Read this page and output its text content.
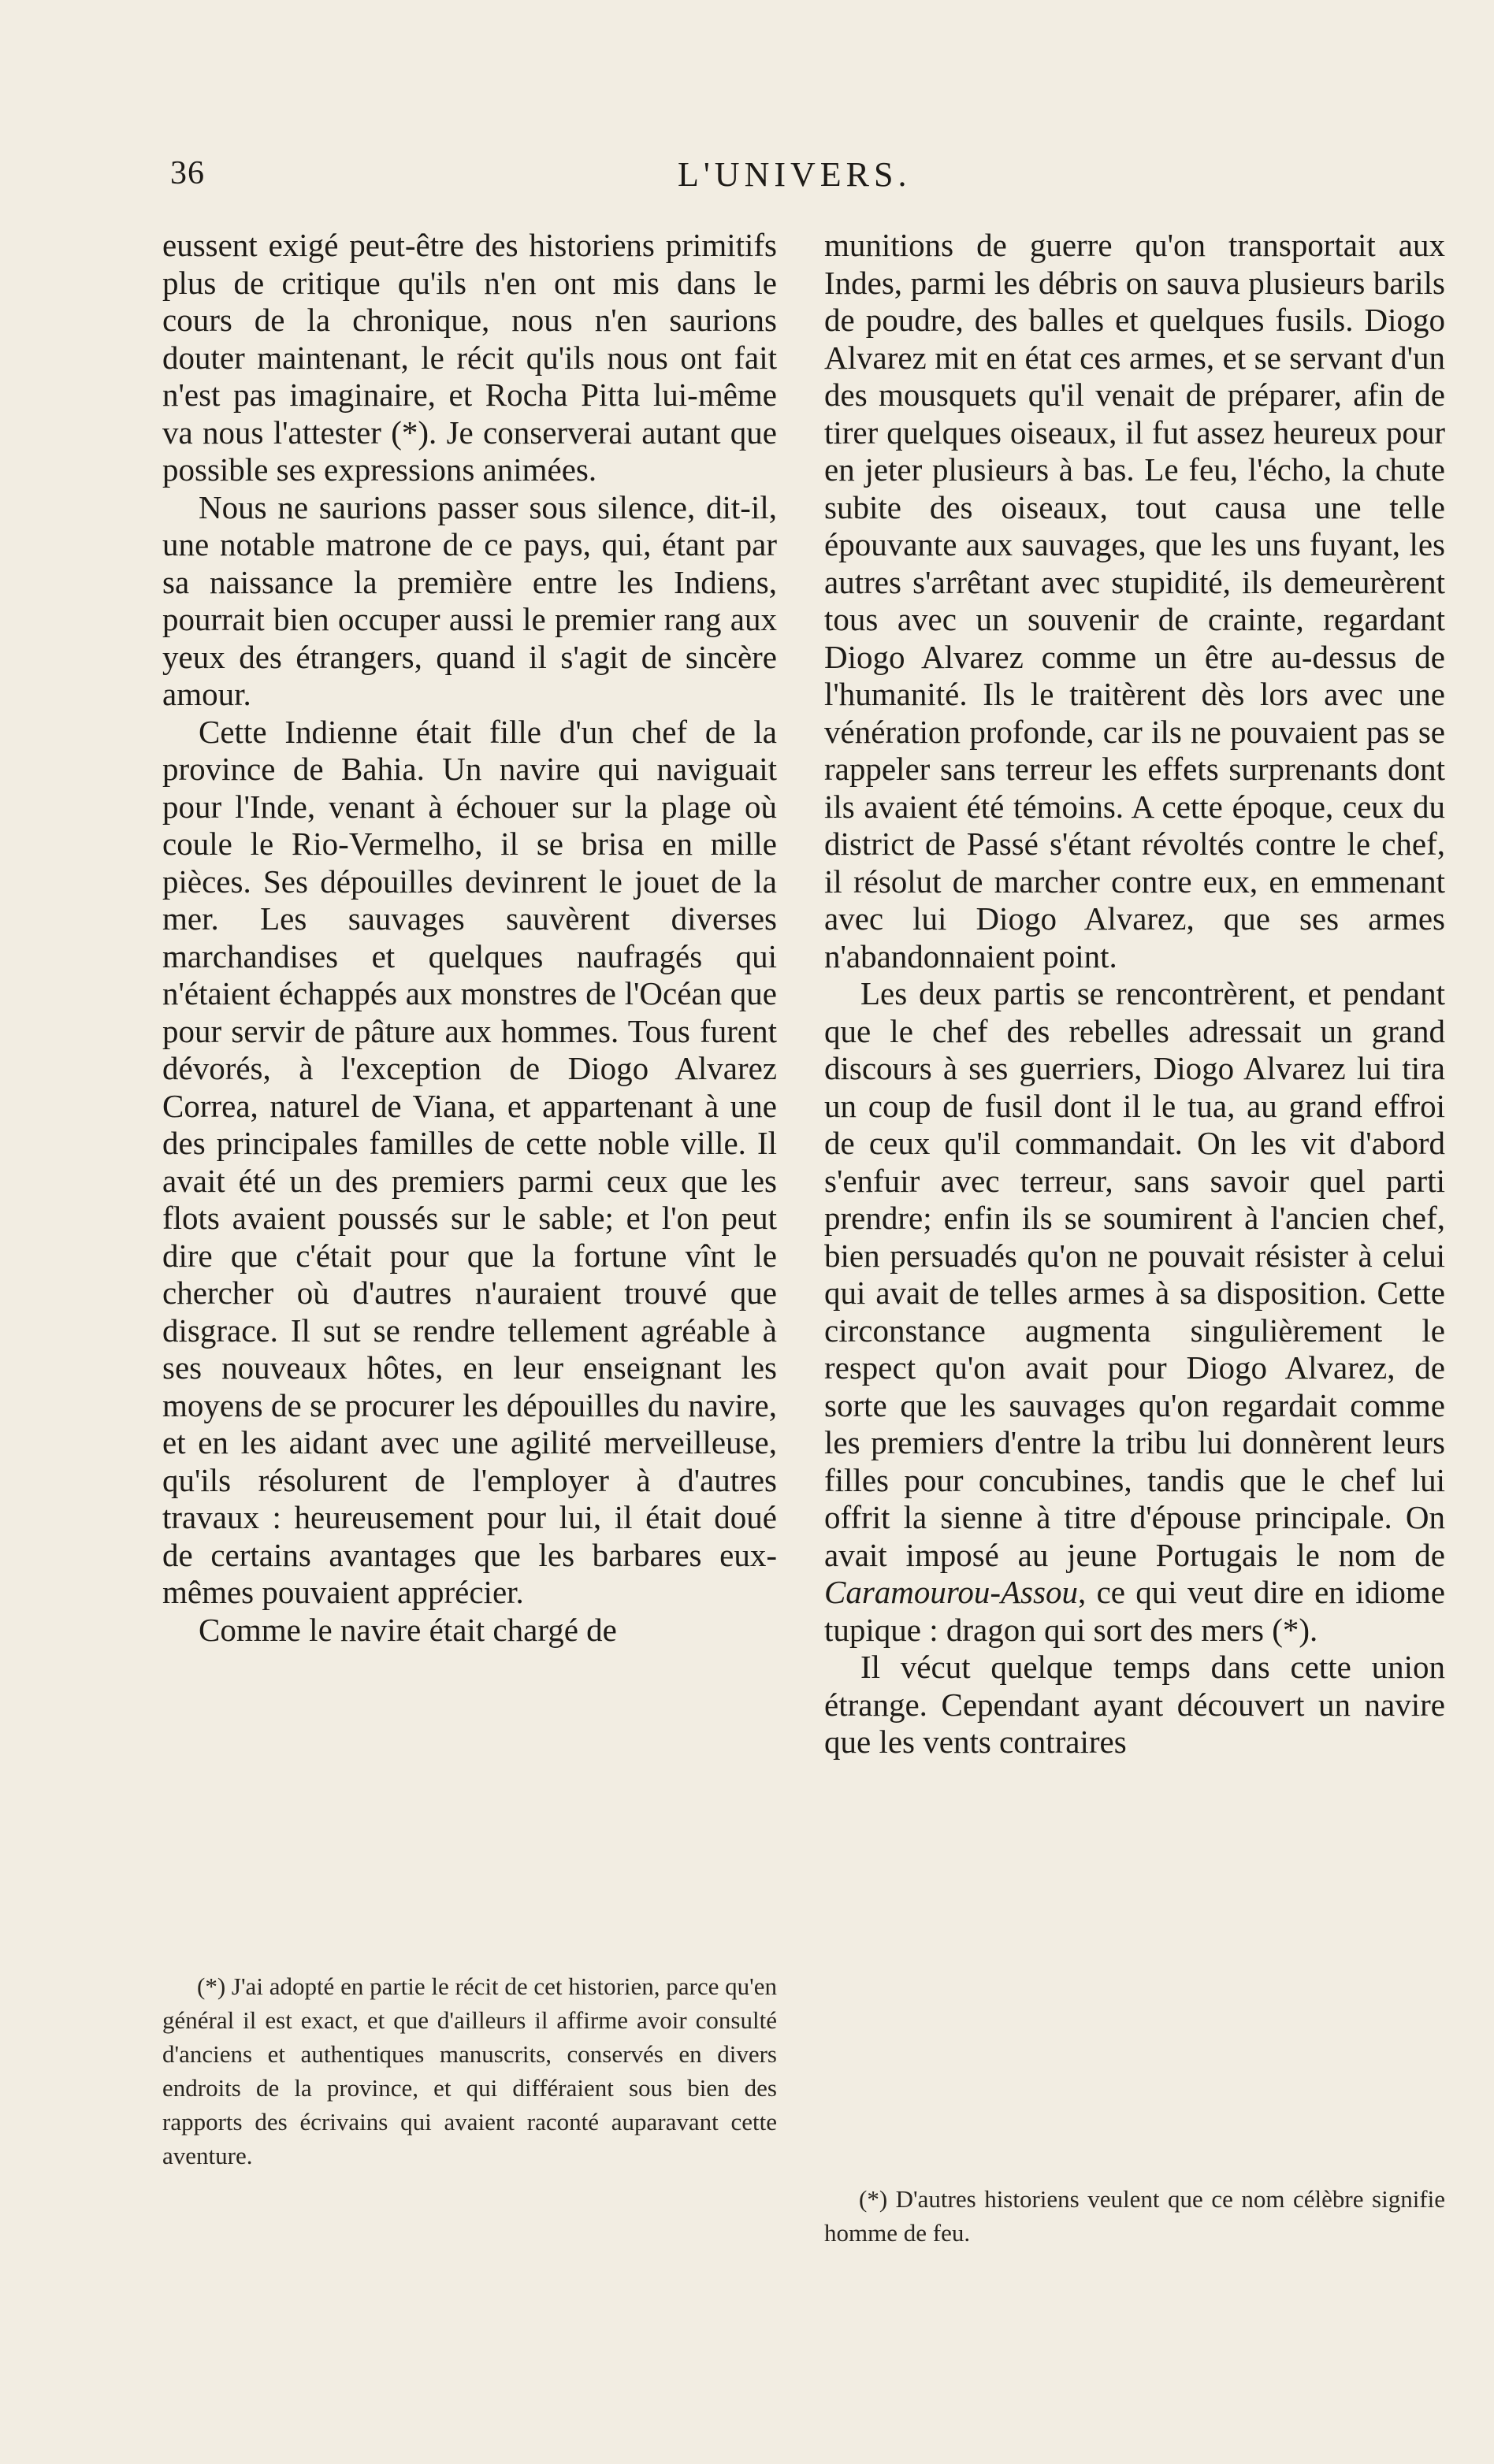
36	L'UNIVERS.

eussent exigé peut-être des historiens primitifs plus de critique qu'ils n'en ont mis dans le cours de la chronique, nous n'en saurions douter maintenant, le récit qu'ils nous ont fait n'est pas imaginaire, et Rocha Pitta lui-même va nous l'attester (*). Je conserverai autant que possible ses expressions animées.

Nous ne saurions passer sous silence, dit-il, une notable matrone de ce pays, qui, étant par sa naissance la première entre les Indiens, pourrait bien occuper aussi le premier rang aux yeux des étrangers, quand il s'agit de sincère amour.

Cette Indienne était fille d'un chef de la province de Bahia. Un navire qui naviguait pour l'Inde, venant à échouer sur la plage où coule le Rio-Vermelho, il se brisa en mille pièces. Ses dépouilles devinrent le jouet de la mer. Les sauvages sauvèrent diverses marchandises et quelques naufragés qui n'étaient échappés aux monstres de l'Océan que pour servir de pâture aux hommes. Tous furent dévorés, à l'exception de Diogo Alvarez Correa, naturel de Viana, et appartenant à une des principales familles de cette noble ville. Il avait été un des premiers parmi ceux que les flots avaient poussés sur le sable; et l'on peut dire que c'était pour que la fortune vînt le chercher où d'autres n'auraient trouvé que disgrace. Il sut se rendre tellement agréable à ses nouveaux hôtes, en leur enseignant les moyens de se procurer les dépouilles du navire, et en les aidant avec une agilité merveilleuse, qu'ils résolurent de l'employer à d'autres travaux : heureusement pour lui, il était doué de certains avantages que les barbares eux-mêmes pouvaient apprécier.

Comme le navire était chargé de

(*) J'ai adopté en partie le récit de cet historien, parce qu'en général il est exact, et que d'ailleurs il affirme avoir consulté d'anciens et authentiques manuscrits, conservés en divers endroits de la province, et qui différaient sous bien des rapports des écrivains qui avaient raconté auparavant cette aventure.

munitions de guerre qu'on transportait aux Indes, parmi les débris on sauva plusieurs barils de poudre, des balles et quelques fusils. Diogo Alvarez mit en état ces armes, et se servant d'un des mousquets qu'il venait de préparer, afin de tirer quelques oiseaux, il fut assez heureux pour en jeter plusieurs à bas. Le feu, l'écho, la chute subite des oiseaux, tout causa une telle épouvante aux sauvages, que les uns fuyant, les autres s'arrêtant avec stupidité, ils demeurèrent tous avec un souvenir de crainte, regardant Diogo Alvarez comme un être au-dessus de l'humanité. Ils le traitèrent dès lors avec une vénération profonde, car ils ne pouvaient pas se rappeler sans terreur les effets surprenants dont ils avaient été témoins. A cette époque, ceux du district de Passé s'étant révoltés contre le chef, il résolut de marcher contre eux, en emmenant avec lui Diogo Alvarez, que ses armes n'abandonnaient point.

Les deux partis se rencontrèrent, et pendant que le chef des rebelles adressait un grand discours à ses guerriers, Diogo Alvarez lui tira un coup de fusil dont il le tua, au grand effroi de ceux qu'il commandait. On les vit d'abord s'enfuir avec terreur, sans savoir quel parti prendre; enfin ils se soumirent à l'ancien chef, bien persuadés qu'on ne pouvait résister à celui qui avait de telles armes à sa disposition. Cette circonstance augmenta singulièrement le respect qu'on avait pour Diogo Alvarez, de sorte que les sauvages qu'on regardait comme les premiers d'entre la tribu lui donnèrent leurs filles pour concubines, tandis que le chef lui offrit la sienne à titre d'épouse principale. On avait imposé au jeune Portugais le nom de Caramourou-Assou, ce qui veut dire en idiome tupique : dragon qui sort des mers (*).

Il vécut quelque temps dans cette union étrange. Cependant ayant découvert un navire que les vents contraires

(*) D'autres historiens veulent que ce nom célèbre signifie homme de feu.
